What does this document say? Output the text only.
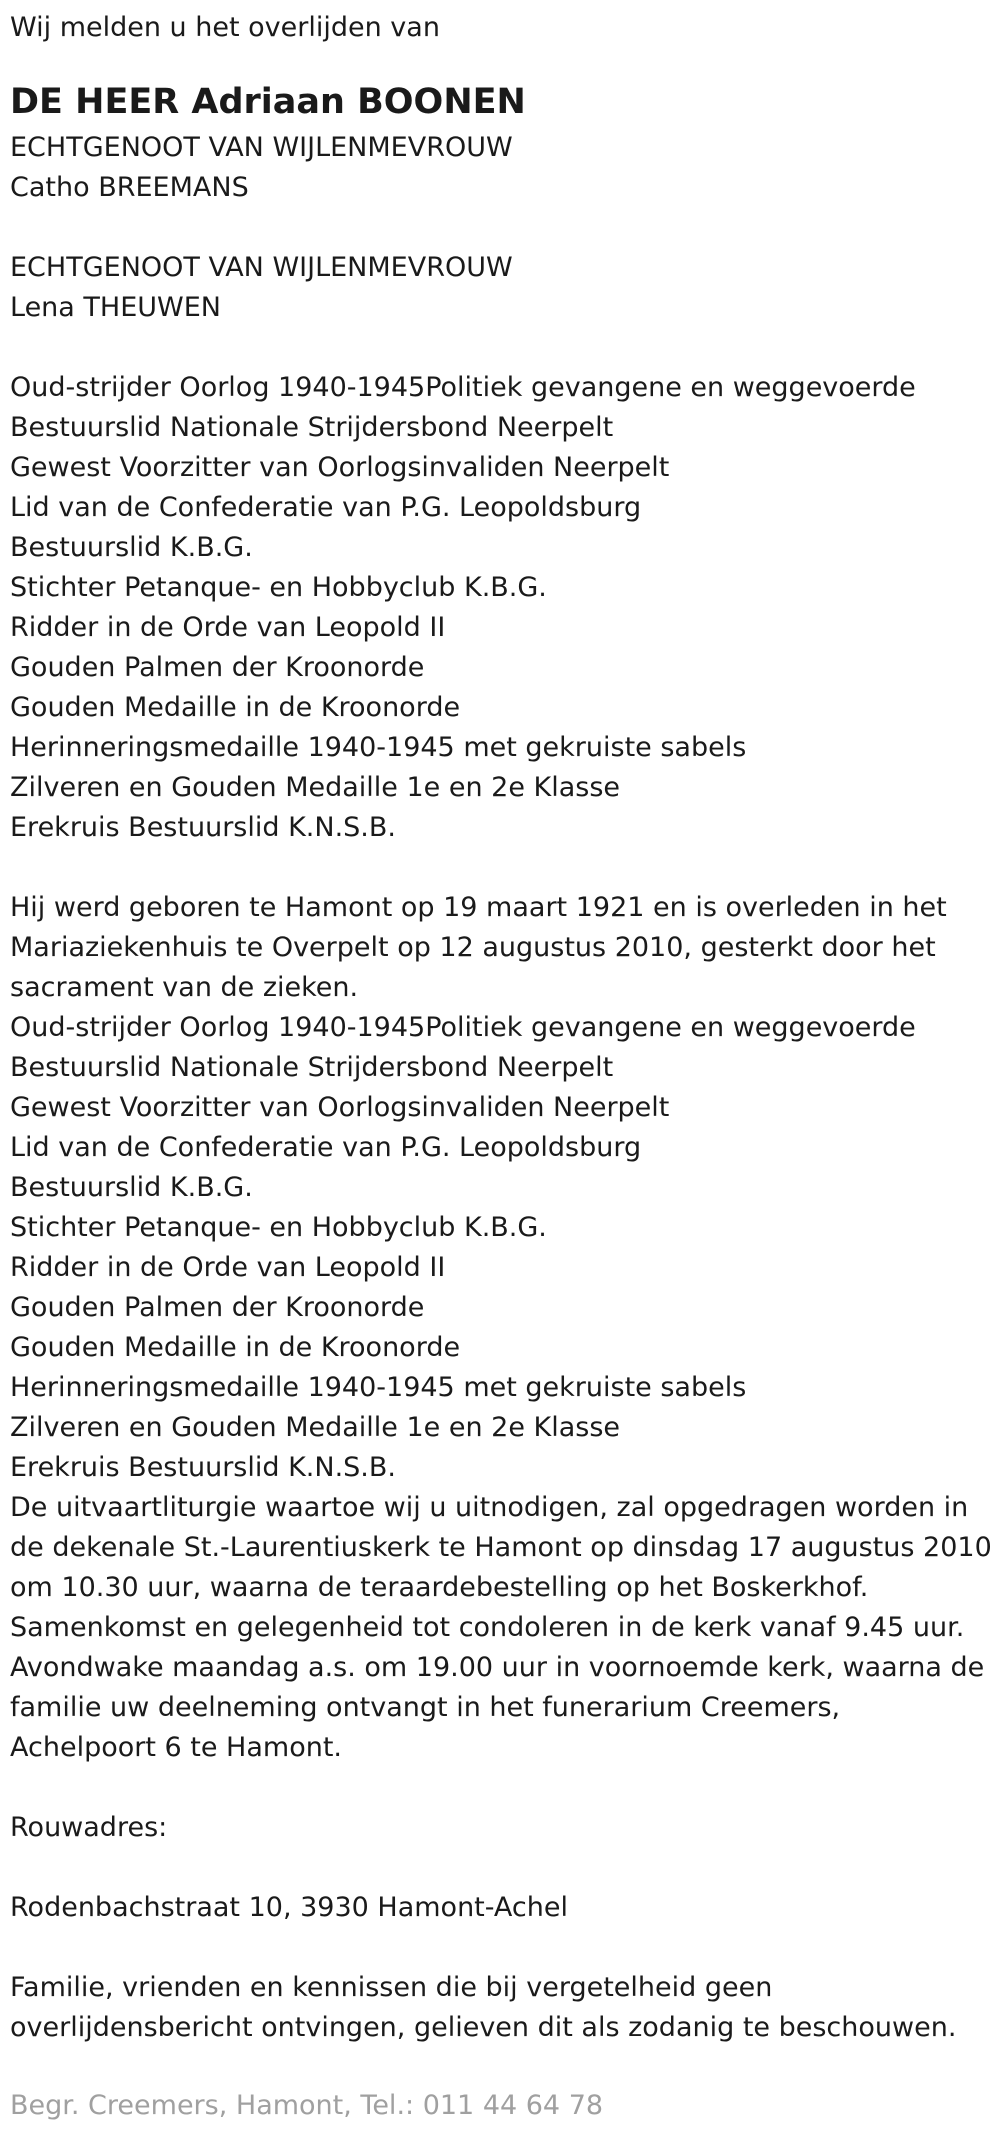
Wij melden u het overlijden van
DE HEER Adriaan BOONEN
ECHTGENOOT VAN WIJLENMEVROUW
Catho BREEMANS
ECHTGENOOT VAN WIJLENMEVROUW
Lena THEUWEN
Oud-strijder Oorlog 1940-1945Politiek gevangene en weggevoerde
Bestuurslid Nationale Strijdersbond Neerpelt
Gewest Voorzitter van Oorlogsinvaliden Neerpelt
Lid van de Confederatie van P.G. Leopoldsburg
Bestuurslid K.B.G.
Stichter Petanque- en Hobbyclub K.B.G.
Ridder in de Orde van Leopold II
Gouden Palmen der Kroonorde
Gouden Medaille in de Kroonorde
Herinneringsmedaille 1940-1945 met gekruiste sabels
Zilveren en Gouden Medaille 1e en 2e Klasse
Erekruis Bestuurslid K.N.S.B.
Hij werd geboren te Hamont op 19 maart 1921 en is overleden in het
Mariaziekenhuis te Overpelt op 12 augustus 2010, gesterkt door het
sacrament van de zieken.
Oud-strijder Oorlog 1940-1945Politiek gevangene en weggevoerde
Bestuurslid Nationale Strijdersbond Neerpelt
Gewest Voorzitter van Oorlogsinvaliden Neerpelt
Lid van de Confederatie van P.G. Leopoldsburg
Bestuurslid K.B.G.
Stichter Petanque- en Hobbyclub K.B.G.
Ridder in de Orde van Leopold II
Gouden Palmen der Kroonorde
Gouden Medaille in de Kroonorde
Herinneringsmedaille 1940-1945 met gekruiste sabels
Zilveren en Gouden Medaille 1e en 2e Klasse
Erekruis Bestuurslid K.N.S.B.
De uitvaartliturgie waartoe wij u uitnodigen, zal opgedragen worden in
de dekenale St.-Laurentiuskerk te Hamont op dinsdag 17 augustus 2010
om 10.30 uur, waarna de teraardebestelling op het Boskerkhof.
Samenkomst en gelegenheid tot condoleren in de kerk vanaf 9.45 uur.
Avondwake maandag a.s. om 19.00 uur in voornoemde kerk, waarna de
familie uw deelneming ontvangt in het funerarium Creemers,
Achelpoort 6 te Hamont.
Rouwadres:
Rodenbachstraat 10, 3930 Hamont-Achel
Familie, vrienden en kennissen die bij vergetelheid geen
overlijdensbericht ontvingen, gelieven dit als zodanig te beschouwen.
Begr. Creemers, Hamont, Tel.: 011 44 64 78
